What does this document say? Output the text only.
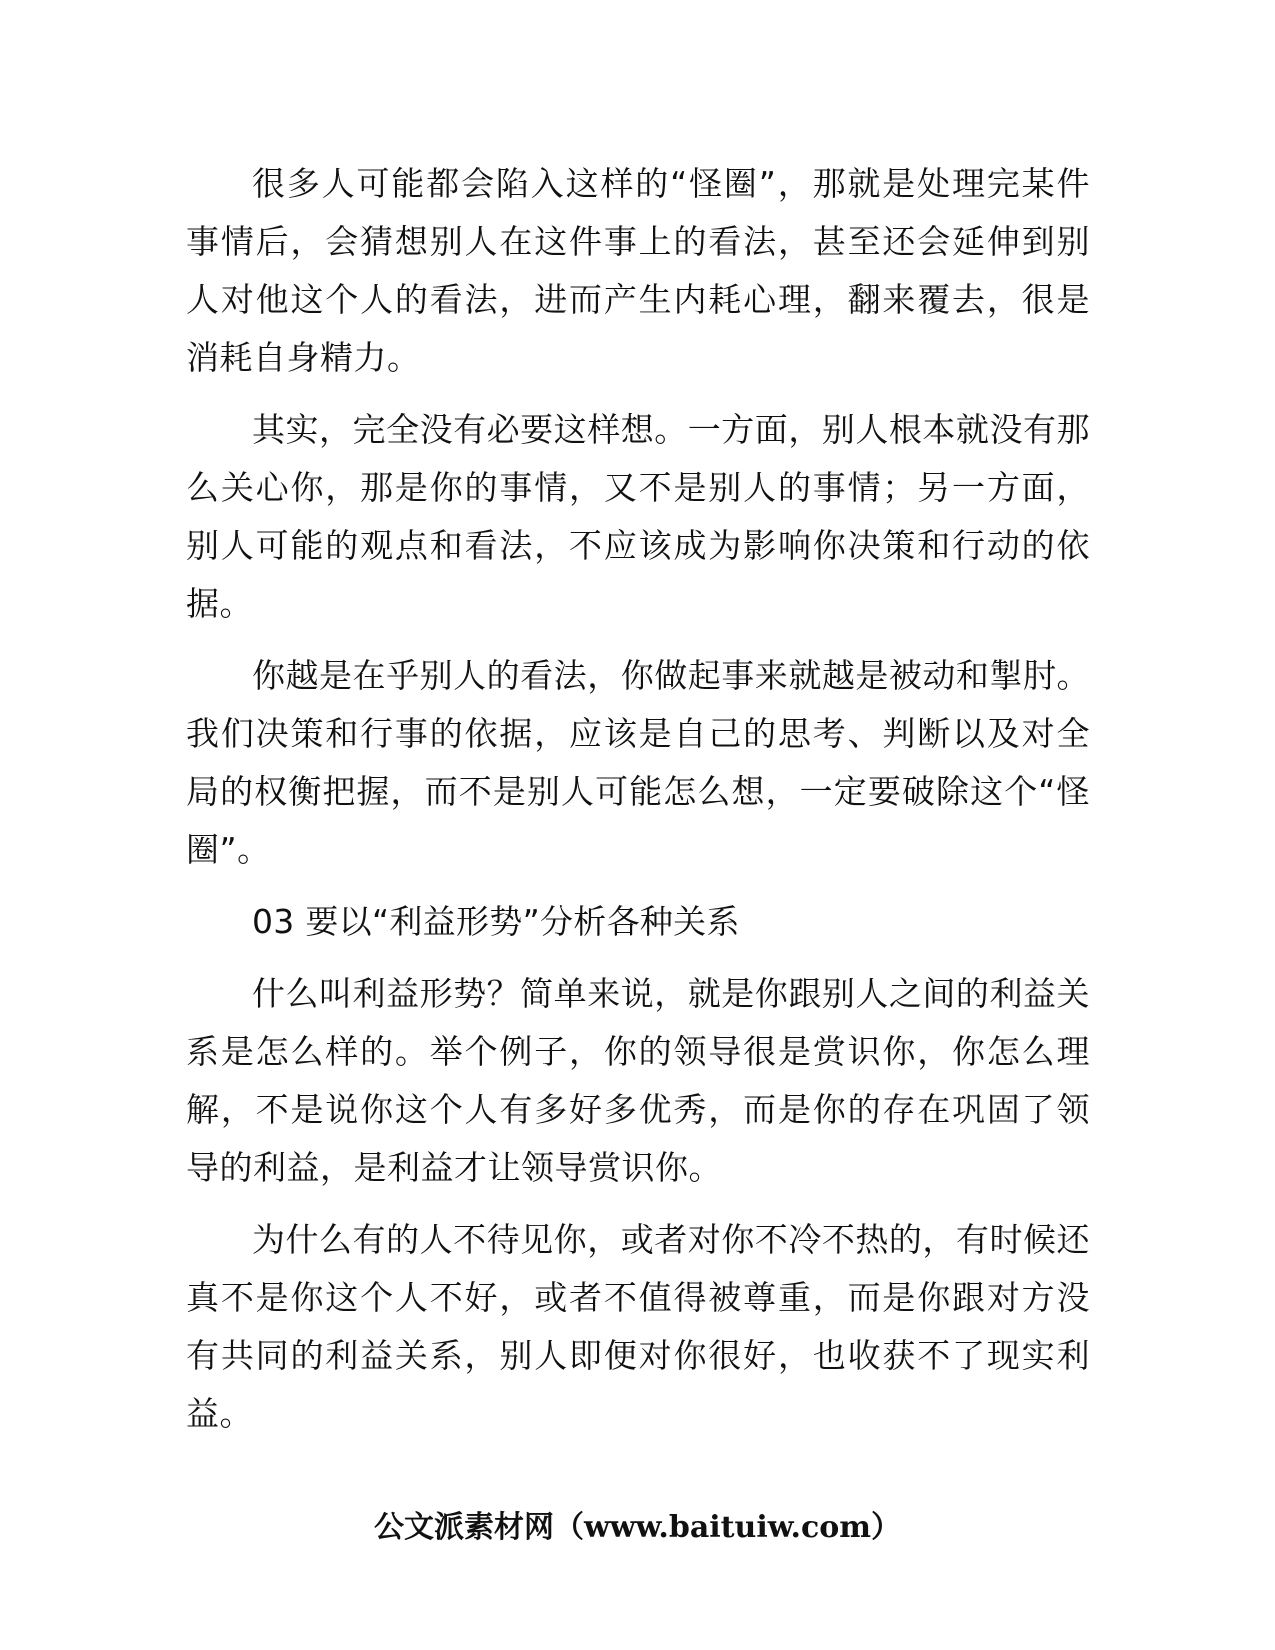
很多人可能都会陷入这样的“怪圈”，那就是处理完某件事情后，会猜想别人在这件事上的看法，甚至还会延伸到别人对他这个人的看法，进而产生内耗心理，翻来覆去，很是消耗自身精力。

其实，完全没有必要这样想。一方面，别人根本就没有那么关心你，那是你的事情，又不是别人的事情；另一方面，别人可能的观点和看法，不应该成为影响你决策和行动的依据。

你越是在乎别人的看法，你做起事来就越是被动和掣肘。我们决策和行事的依据，应该是自己的思考、判断以及对全局的权衡把握，而不是别人可能怎么想，一定要破除这个“怪圈”。

03 要以“利益形势”分析各种关系

什么叫利益形势？简单来说，就是你跟别人之间的利益关系是怎么样的。举个例子，你的领导很是赏识你，你怎么理解，不是说你这个人有多好多优秀，而是你的存在巩固了领导的利益，是利益才让领导赏识你。

为什么有的人不待见你，或者对你不冷不热的，有时候还真不是你这个人不好，或者不值得被尊重，而是你跟对方没有共同的利益关系，别人即便对你很好，也收获不了现实利益。

公文派素材网（www.baituiw.com）
